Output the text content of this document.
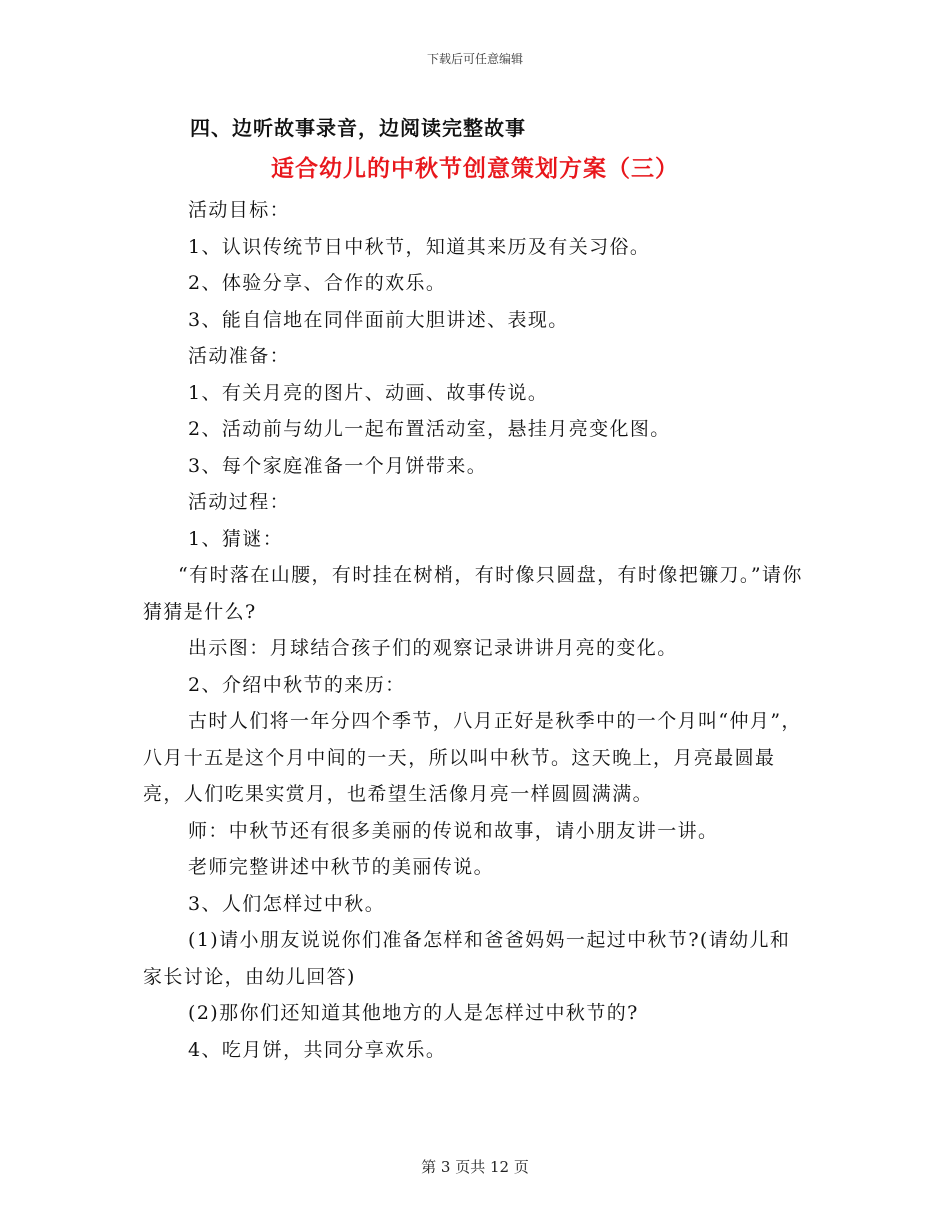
下载后可任意编辑
四、边听故事录音，边阅读完整故事
适合幼儿的中秋节创意策划方案（三）

活动目标：

1、认识传统节日中秋节，知道其来历及有关习俗。

2、体验分享、合作的欢乐。

3、能自信地在同伴面前大胆讲述、表现。

活动准备：

1、有关月亮的图片、动画、故事传说。

2、活动前与幼儿一起布置活动室，悬挂月亮变化图。

3、每个家庭准备一个月饼带来。

活动过程：

1、猜谜：

“有时落在山腰，有时挂在树梢，有时像只圆盘，有时像把镰刀。”请你猜猜是什么?

出示图：月球结合孩子们的观察记录讲讲月亮的变化。

2、介绍中秋节的来历：

古时人们将一年分四个季节，八月正好是秋季中的一个月叫“仲月”，八月十五是这个月中间的一天，所以叫中秋节。这天晚上，月亮最圆最亮，人们吃果实赏月，也希望生活像月亮一样圆圆满满。

师：中秋节还有很多美丽的传说和故事，请小朋友讲一讲。

老师完整讲述中秋节的美丽传说。

3、人们怎样过中秋。

(1)请小朋友说说你们准备怎样和爸爸妈妈一起过中秋节?(请幼儿和家长讨论，由幼儿回答)

(2)那你们还知道其他地方的人是怎样过中秋节的?

4、吃月饼，共同分享欢乐。

第 3 页共 12 页
